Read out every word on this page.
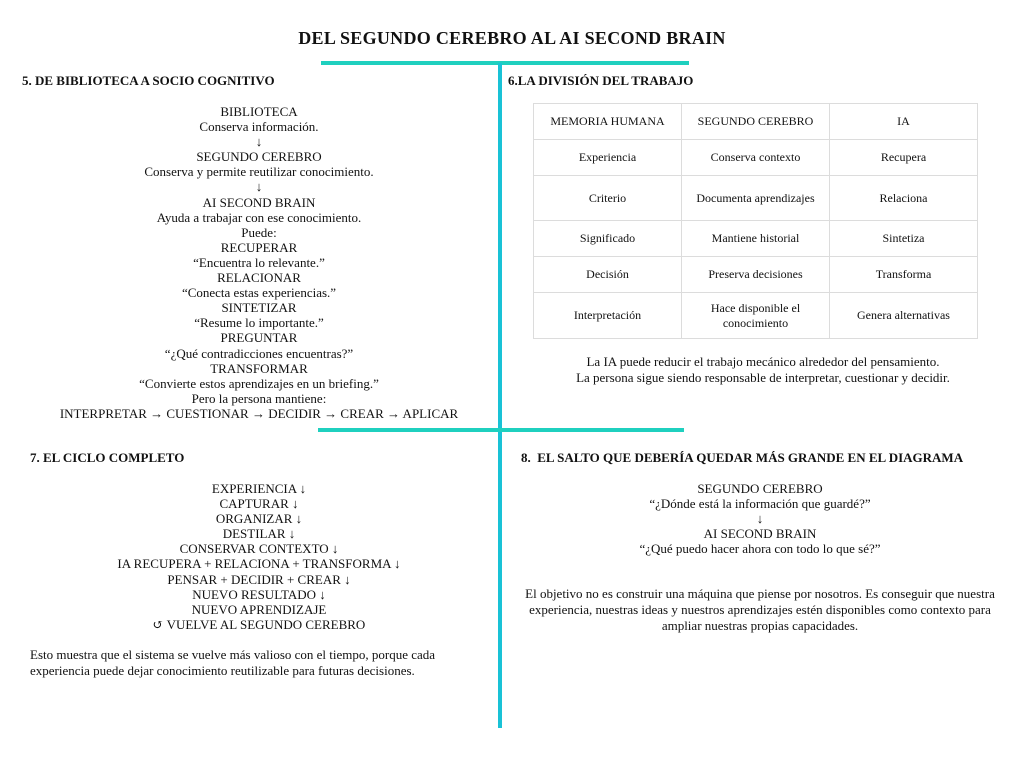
DEL SEGUNDO CEREBRO AL AI SECOND BRAIN
5. DE BIBLIOTECA A SOCIO COGNITIVO
BIBLIOTECA
Conserva información.
↓
SEGUNDO CEREBRO
Conserva y permite reutilizar conocimiento.
↓
AI SECOND BRAIN
Ayuda a trabajar con ese conocimiento.
Puede:
RECUPERAR
“Encuentra lo relevante.”
RELACIONAR
“Conecta estas experiencias.”
SINTETIZAR
“Resume lo importante.”
PREGUNTAR
“¿Qué contradicciones encuentras?”
TRANSFORMAR
“Convierte estos aprendizajes en un briefing.”
Pero la persona mantiene:
INTERPRETAR → CUESTIONAR → DECIDIR → CREAR → APLICAR
6.LA DIVISIÓN DEL TRABAJO
MEMORIA HUMANA	SEGUNDO CEREBRO	IA
Experiencia	Conserva contexto	Recupera
Criterio	Documenta aprendizajes	Relaciona
Significado	Mantiene historial	Sintetiza
Decisión	Preserva decisiones	Transforma
Interpretación	Hace disponible el conocimiento	Genera alternativas
La IA puede reducir el trabajo mecánico alrededor del pensamiento.
La persona sigue siendo responsable de interpretar, cuestionar y decidir.
7. EL CICLO COMPLETO
EXPERIENCIA ↓
CAPTURAR ↓
ORGANIZAR ↓
DESTILAR ↓
CONSERVAR CONTEXTO ↓
IA RECUPERA + RELACIONA + TRANSFORMA ↓
PENSAR + DECIDIR + CREAR ↓
NUEVO RESULTADO ↓
NUEVO APRENDIZAJE
↺ VUELVE AL SEGUNDO CEREBRO
Esto muestra que el sistema se vuelve más valioso con el tiempo, porque cada experiencia puede dejar conocimiento reutilizable para futuras decisiones.
8.  EL SALTO QUE DEBERÍA QUEDAR MÁS GRANDE EN EL DIAGRAMA
SEGUNDO CEREBRO
“¿Dónde está la información que guardé?”
↓
AI SECOND BRAIN
“¿Qué puedo hacer ahora con todo lo que sé?”
El objetivo no es construir una máquina que piense por nosotros. Es conseguir que nuestra experiencia, nuestras ideas y nuestros aprendizajes estén disponibles como contexto para ampliar nuestras propias capacidades.
